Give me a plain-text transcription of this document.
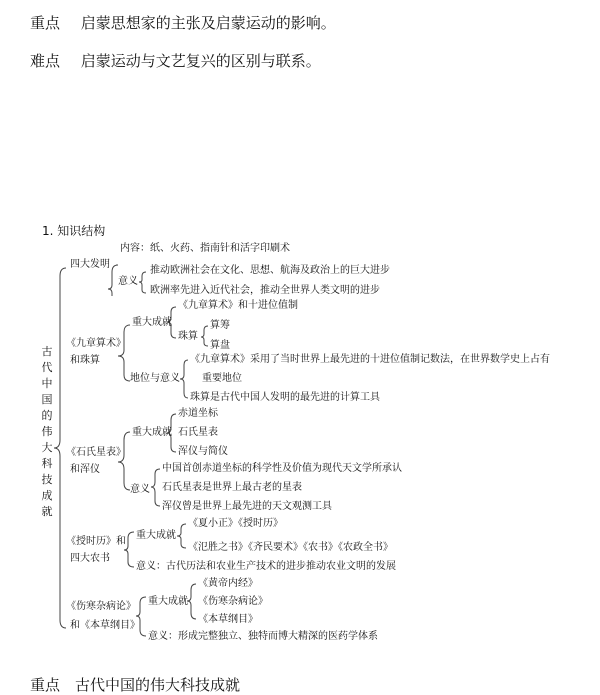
重点 启蒙思想家的主张及启蒙运动的影响。
难点 启蒙运动与文艺复兴的区别与联系。
1. 知识结构
古
代
中
国
的
伟
大
科
技
成
就
四大发明
内容：纸、火药、指南针和活字印刷术
意义
推动欧洲社会在文化、思想、航海及政治上的巨大进步
欧洲率先进入近代社会，推动全世界人类文明的进步
《九章算术》
和珠算
重大成就
《九章算术》和十进位值制
珠算
算筹
算盘
地位与意义
《九章算术》采用了当时世界上最先进的十进位值制记数法，在世界数学史上占有
重要地位
珠算是古代中国人发明的最先进的计算工具
《石氏星表》
和浑仪
重大成就
赤道坐标
石氏星表
浑仪与简仪
意义
中国首创赤道坐标的科学性及价值为现代天文学所承认
石氏星表是世界上最古老的星表
浑仪曾是世界上最先进的天文观测工具
《授时历》和
四大农书
重大成就
《夏小正》《授时历》
《氾胜之书》《齐民要术》《农书》《农政全书》
意义：古代历法和农业生产技术的进步推动农业文明的发展
《伤寒杂病论》
和《本草纲目》
重大成就
《黄帝内经》
《伤寒杂病论》
《本草纲目》
意义：形成完整独立、独特而博大精深的医药学体系
重点　古代中国的伟大科技成就
